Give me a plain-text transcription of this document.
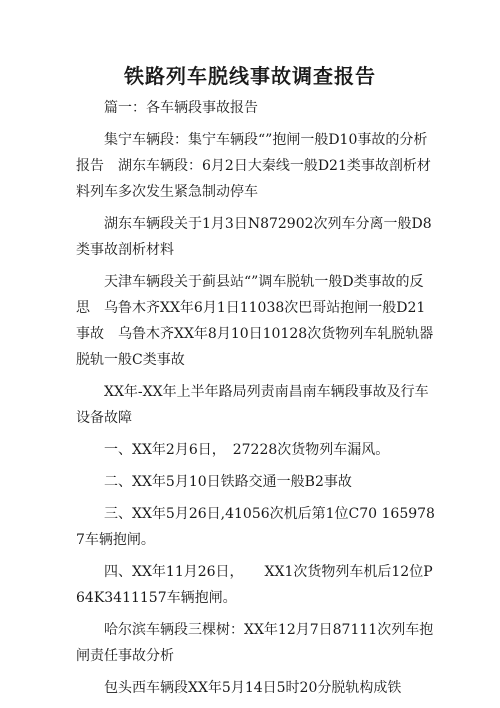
铁路列车脱线事故调查报告

篇一：各车辆段事故报告

集宁车辆段：集宁车辆段“”抱闸一般D10事故的分析报告　湖东车辆段：6月2日大秦线一般D21类事故剖析材料列车多次发生紧急制动停车

湖东车辆段关于1月3日N872902次列车分离一般D8类事故剖析材料

天津车辆段关于蓟县站“”调车脱轨一般D类事故的反思　乌鲁木齐XX年6月1日11038次巴哥站抱闸一般D21事故　乌鲁木齐XX年8月10日10128次货物列车轧脱轨器脱轨一般C类事故

XX年-XX年上半年路局列责南昌南车辆段事故及行车设备故障

一、XX年2月6日，　27228次货物列车漏风。

二、XX年5月10日铁路交通一般B2事故

三、XX年5月26日,41056次机后第1位C70 1659787车辆抱闸。

四、XX年11月26日，　　XX1次货物列车机后12位P64K3411157车辆抱闸。

哈尔滨车辆段三棵树：XX年12月7日87111次列车抱闸责任事故分析

包头西车辆段XX年5月14日5时20分脱轨构成铁
